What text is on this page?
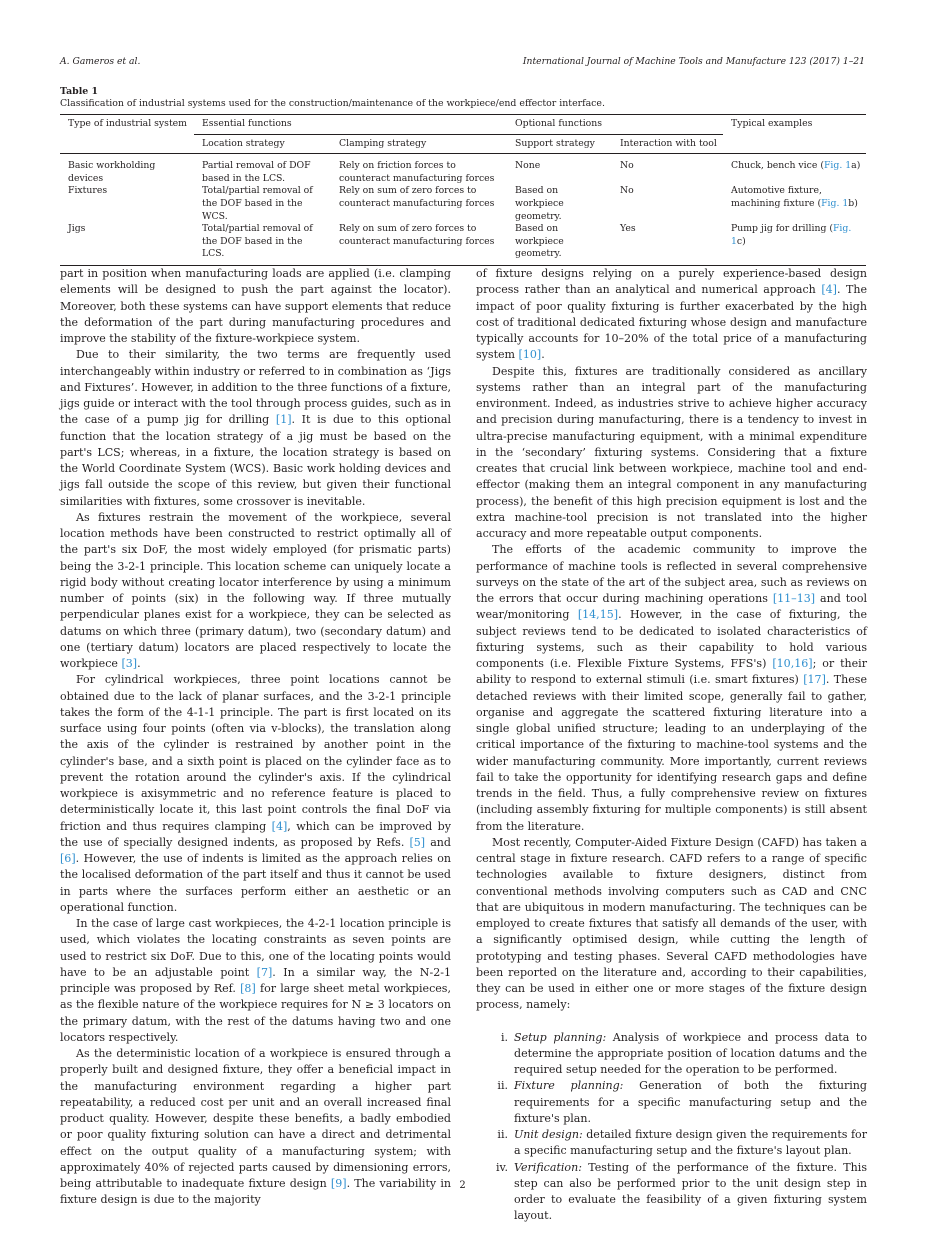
A. Gameros et al.	International Journal of Machine Tools and Manufacture 123 (2017) 1–21
Table 1
Classification of industrial systems used for the construction/maintenance of the workpiece/end effector interface.
Type of industrial system	Essential functions		Optional functions		Typical examples
	Location strategy	Clamping strategy	Support strategy	Interaction with tool	
Basic workholding devices	Partial removal of DOF based in the LCS.	Rely on friction forces to counteract manufacturing forces	None	No	Chuck, bench vice (Fig. 1a)
Fixtures	Total/partial removal of the DOF based in the WCS.	Rely on sum of zero forces to counteract manufacturing forces	Based on workpiece geometry.	No	Automotive fixture, machining fixture (Fig. 1b)
Jigs	Total/partial removal of the DOF based in the LCS.	Rely on sum of zero forces to counteract manufacturing forces	Based on workpiece geometry.	Yes	Pump jig for drilling (Fig. 1c)

part in position when manufacturing loads are applied (i.e. clamping elements will be designed to push the part against the locator). Moreover, both these systems can have support elements that reduce the deformation of the part during manufacturing procedures and improve the stability of the fixture-workpiece system.

Due to their similarity, the two terms are frequently used interchangeably within industry or referred to in combination as ‘Jigs and Fixtures’. However, in addition to the three functions of a fixture, jigs guide or interact with the tool through process guides, such as in the case of a pump jig for drilling [1]. It is due to this optional function that the location strategy of a jig must be based on the part's LCS; whereas, in a fixture, the location strategy is based on the World Coordinate System (WCS). Basic work holding devices and jigs fall outside the scope of this review, but given their functional similarities with fixtures, some crossover is inevitable.

As fixtures restrain the movement of the workpiece, several location methods have been constructed to restrict optimally all of the part's six DoF, the most widely employed (for prismatic parts) being the 3-2-1 principle. This location scheme can uniquely locate a rigid body without creating locator interference by using a minimum number of points (six) in the following way. If three mutually perpendicular planes exist for a workpiece, they can be selected as datums on which three (primary datum), two (secondary datum) and one (tertiary datum) locators are placed respectively to locate the workpiece [3].

For cylindrical workpieces, three point locations cannot be obtained due to the lack of planar surfaces, and the 3-2-1 principle takes the form of the 4-1-1 principle. The part is first located on its surface using four points (often via v-blocks), the translation along the axis of the cylinder is restrained by another point in the cylinder's base, and a sixth point is placed on the cylinder face as to prevent the rotation around the cylinder's axis. If the cylindrical workpiece is axisymmetric and no reference feature is placed to deterministically locate it, this last point controls the final DoF via friction and thus requires clamping [4], which can be improved by the use of specially designed indents, as proposed by Refs. [5] and [6]. However, the use of indents is limited as the approach relies on the localised deformation of the part itself and thus it cannot be used in parts where the surfaces perform either an aesthetic or an operational function.

In the case of large cast workpieces, the 4-2-1 location principle is used, which violates the locating constraints as seven points are used to restrict six DoF. Due to this, one of the locating points would have to be an adjustable point [7]. In a similar way, the N-2-1 principle was proposed by Ref. [8] for large sheet metal workpieces, as the flexible nature of the workpiece requires for N ≥ 3 locators on the primary datum, with the rest of the datums having two and one locators respectively.

As the deterministic location of a workpiece is ensured through a properly built and designed fixture, they offer a beneficial impact in the manufacturing environment regarding a higher part repeatability, a reduced cost per unit and an overall increased final product quality. However, despite these benefits, a badly embodied or poor quality fixturing solution can have a direct and detrimental effect on the output quality of a manufacturing system; with approximately 40% of rejected parts caused by dimensioning errors, being attributable to inadequate fixture design [9]. The variability in fixture design is due to the majority

of fixture designs relying on a purely experience-based design process rather than an analytical and numerical approach [4]. The impact of poor quality fixturing is further exacerbated by the high cost of traditional dedicated fixturing whose design and manufacture typically accounts for 10–20% of the total price of a manufacturing system [10].

Despite this, fixtures are traditionally considered as ancillary systems rather than an integral part of the manufacturing environment. Indeed, as industries strive to achieve higher accuracy and precision during manufacturing, there is a tendency to invest in ultra-precise manufacturing equipment, with a minimal expenditure in the ‘secondary’ fixturing systems. Considering that a fixture creates that crucial link between workpiece, machine tool and end-effector (making them an integral component in any manufacturing process), the benefit of this high precision equipment is lost and the extra machine-tool precision is not translated into the higher accuracy and more repeatable output components.

The efforts of the academic community to improve the performance of machine tools is reflected in several comprehensive surveys on the state of the art of the subject area, such as reviews on the errors that occur during machining operations [11–13] and tool wear/monitoring [14,15]. However, in the case of fixturing, the subject reviews tend to be dedicated to isolated characteristics of fixturing systems, such as their capability to hold various components (i.e. Flexible Fixture Systems, FFS's) [10,16]; or their ability to respond to external stimuli (i.e. smart fixtures) [17]. These detached reviews with their limited scope, generally fail to gather, organise and aggregate the scattered fixturing literature into a single global unified structure; leading to an underplaying of the critical importance of the fixturing to machine-tool systems and the wider manufacturing community. More importantly, current reviews fail to take the opportunity for identifying research gaps and define trends in the field. Thus, a fully comprehensive review on fixtures (including assembly fixturing for multiple components) is still absent from the literature.

Most recently, Computer-Aided Fixture Design (CAFD) has taken a central stage in fixture research. CAFD refers to a range of specific technologies available to fixture designers, distinct from conventional methods involving computers such as CAD and CNC that are ubiquitous in modern manufacturing. The techniques can be employed to create fixtures that satisfy all demands of the user, with a significantly optimised design, while cutting the length of prototyping and testing phases. Several CAFD methodologies have been reported on the literature and, according to their capabilities, they can be used in either one or more stages of the fixture design process, namely:

i. Setup planning: Analysis of workpiece and process data to determine the appropriate position of location datums and the required setup needed for the operation to be performed.
ii. Fixture planning: Generation of both the fixturing requirements for a specific manufacturing setup and the fixture's plan.
ii. Unit design: detailed fixture design given the requirements for a specific manufacturing setup and the fixture's layout plan.
iv. Verification: Testing of the performance of the fixture. This step can also be performed prior to the unit design step in order to evaluate the feasibility of a given fixturing system layout.
2
